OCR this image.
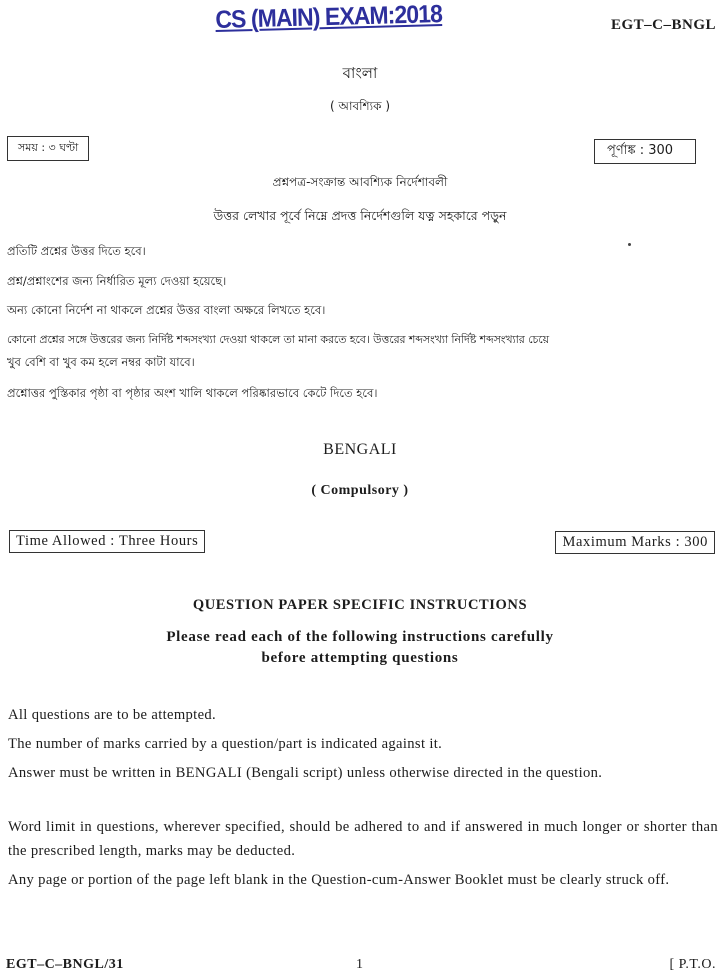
CS (MAIN) EXAM:2018	EGT–C–BNGL
বাংলা
( আবশ্যিক )
সময় : ৩ ঘণ্টা	পূর্ণাঙ্ক : 300
প্রশ্নপত্র-সংক্রান্ত আবশ্যিক নির্দেশাবলী
উত্তর লেখার পূর্বে নিম্নে প্রদত্ত নির্দেশগুলি যত্ন সহকারে পড়ুন
প্রতিটি প্রশ্নের উত্তর দিতে হবে।
প্রশ্ন/প্রশ্নাংশের জন্য নির্ধারিত মূল্য দেওয়া হয়েছে।
অন্য কোনো নির্দেশ না থাকলে প্রশ্নের উত্তর বাংলা অক্ষরে লিখতে হবে।
কোনো প্রশ্নের সঙ্গে উত্তরের জন্য নির্দিষ্ট শব্দসংখ্যা দেওয়া থাকলে তা মানা করতে হবে। উত্তরের শব্দসংখ্যা নির্দিষ্ট শব্দসংখ্যার চেয়ে
খুব বেশি বা খুব কম হলে নম্বর কাটা যাবে।
প্রশ্নোত্তর পুস্তিকার পৃষ্ঠা বা পৃষ্ঠার অংশ খালি থাকলে পরিষ্কারভাবে কেটে দিতে হবে।
BENGALI
( Compulsory )
Time Allowed : Three Hours	Maximum Marks : 300
QUESTION PAPER SPECIFIC INSTRUCTIONS
Please read each of the following instructions carefully
before attempting questions
All questions are to be attempted.
The number of marks carried by a question/part is indicated against it.
Answer must be written in BENGALI (Bengali script) unless otherwise directed in the question.
Word limit in questions, wherever specified, should be adhered to and if answered in much longer or shorter than the prescribed length, marks may be deducted.
Any page or portion of the page left blank in the Question-cum-Answer Booklet must be clearly struck off.
EGT–C–BNGL/31	1	[ P.T.O.
